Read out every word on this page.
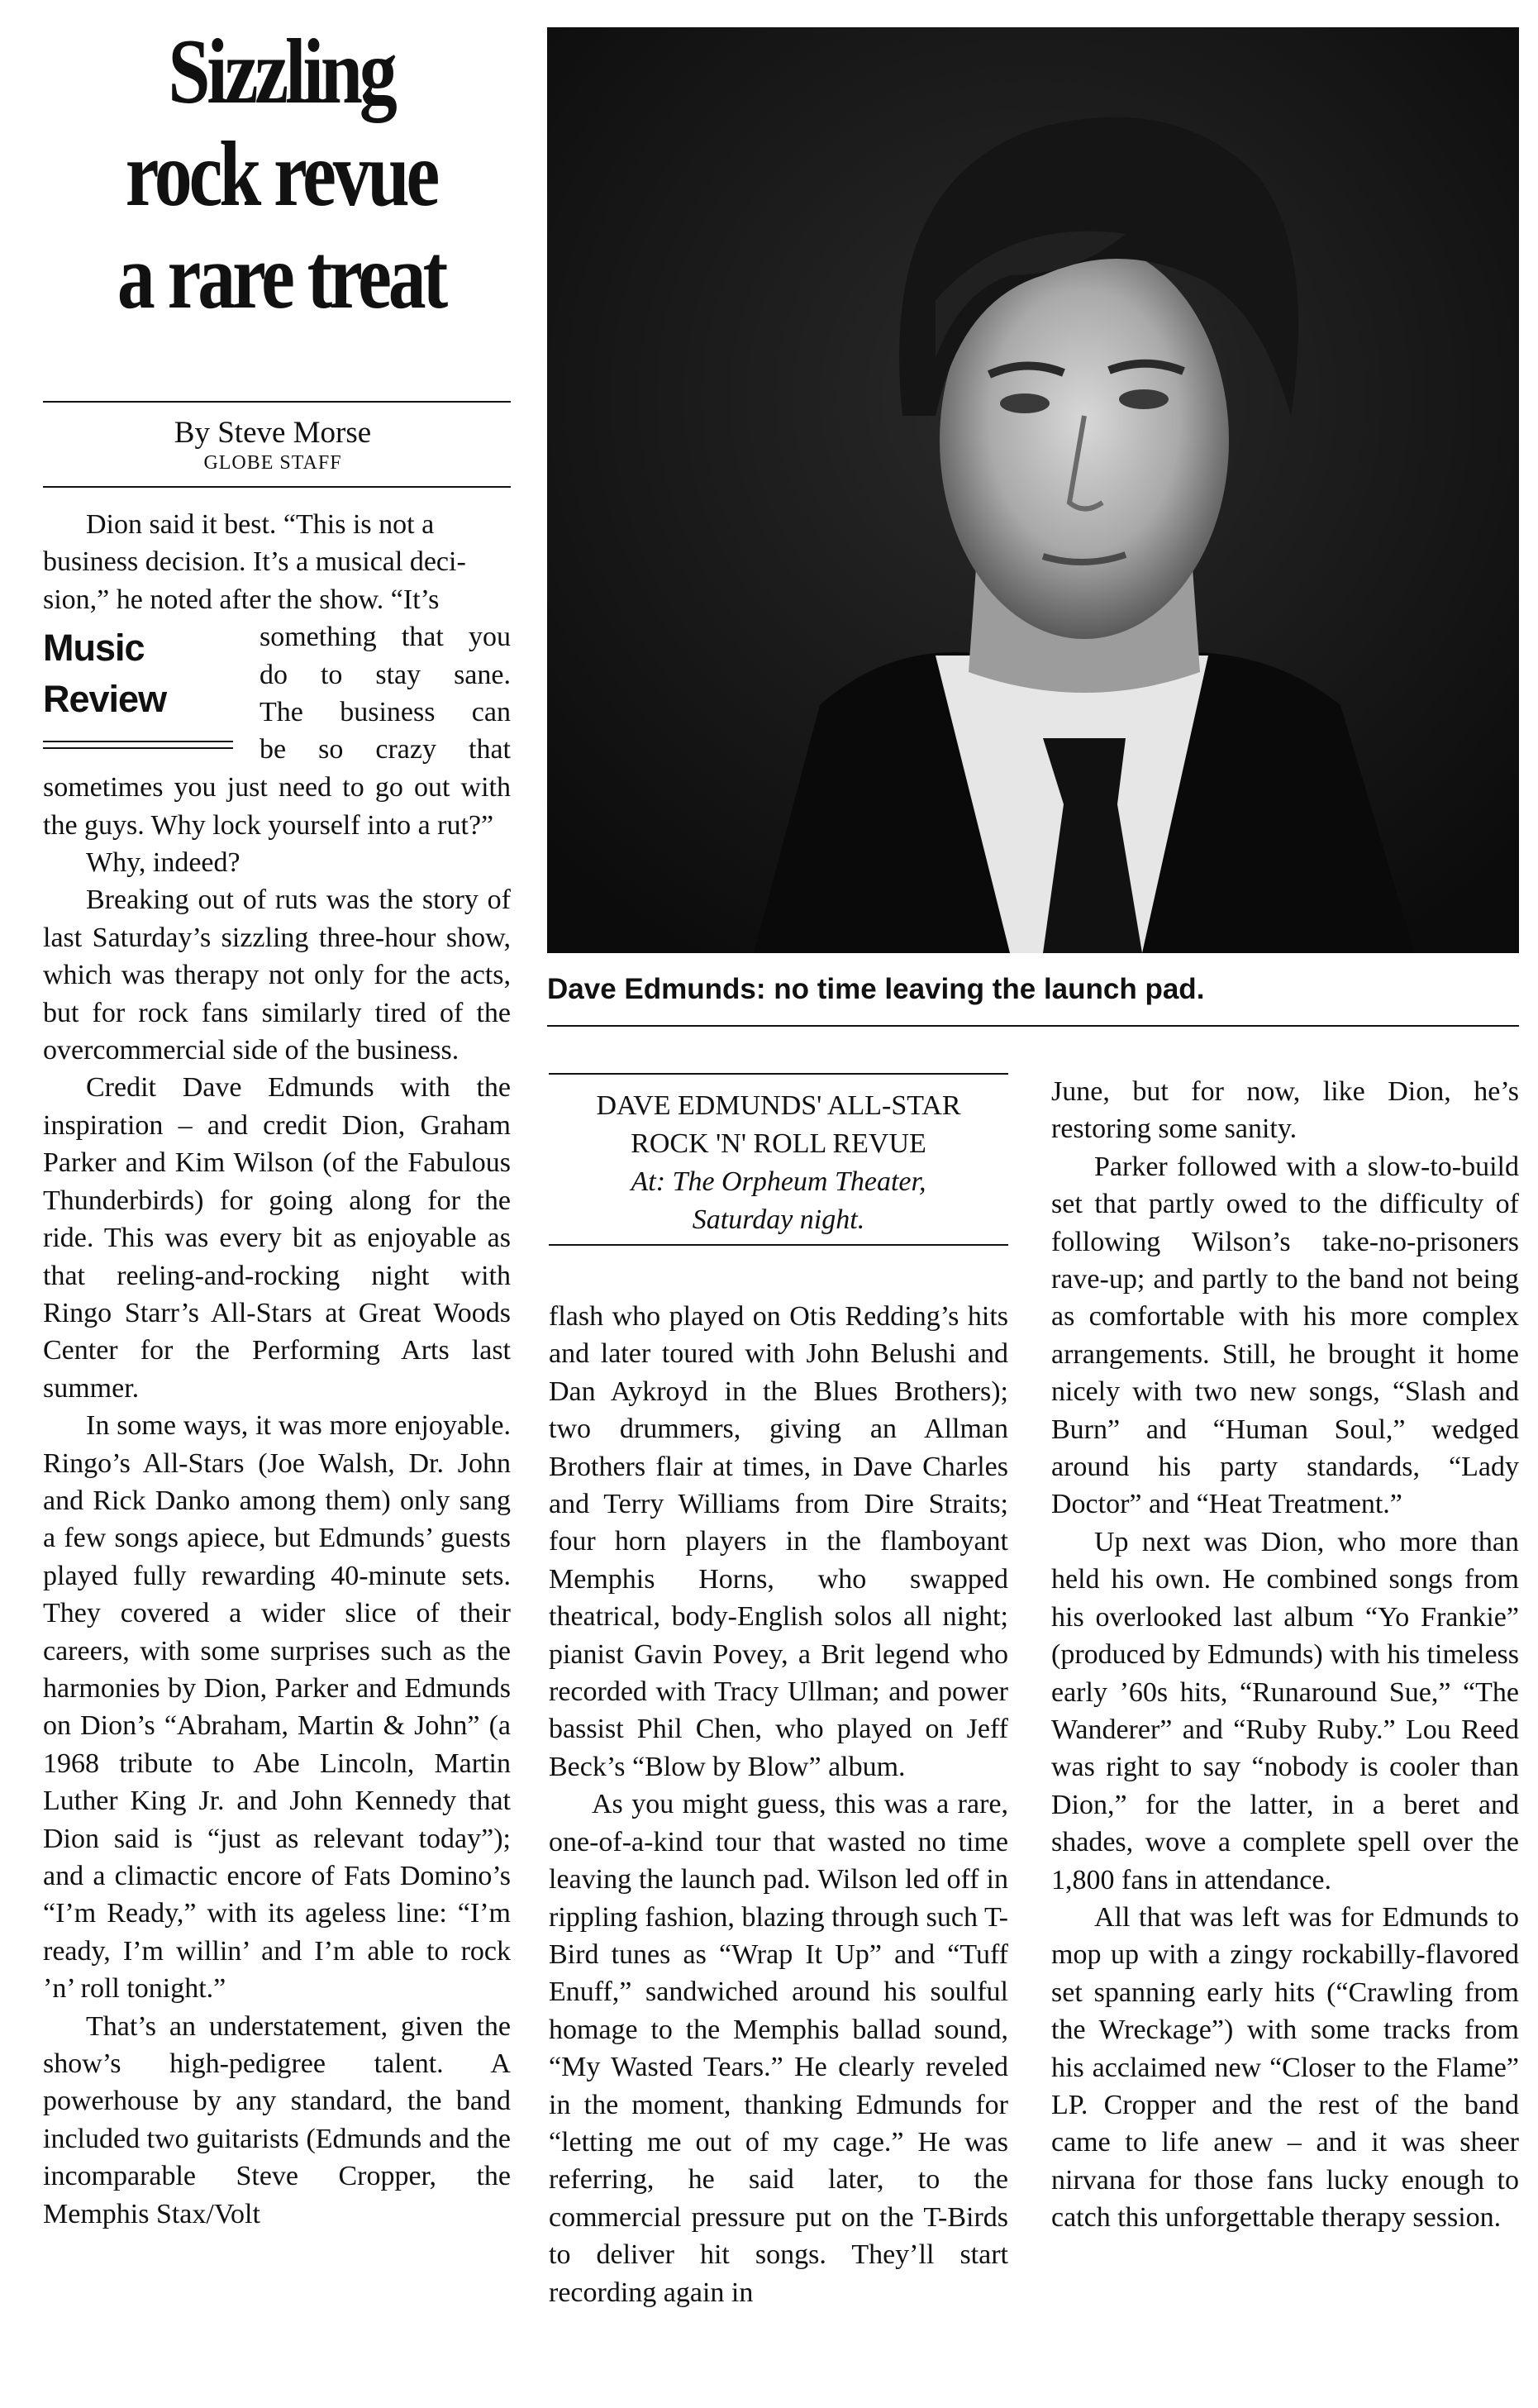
Sizzling
rock revue
a rare treat
By Steve Morse
GLOBE STAFF
Dion said it best. “This is not a
business decision. It’s a musical deci-
sion,” he noted after the show. “It’s
Music
Review
something that you
do to stay sane.
The business can
be so crazy that

sometimes you just need to go out with the guys. Why lock yourself into a rut?”

Why, indeed?

Breaking out of ruts was the story of last Saturday’s sizzling three-hour show, which was therapy not only for the acts, but for rock fans similarly tired of the overcommercial side of the business.

Credit Dave Edmunds with the inspiration – and credit Dion, Graham Parker and Kim Wilson (of the Fabulous Thunderbirds) for going along for the ride. This was every bit as enjoyable as that reeling-and-rocking night with Ringo Starr’s All-Stars at Great Woods Center for the Performing Arts last summer.

In some ways, it was more enjoyable. Ringo’s All-Stars (Joe Walsh, Dr. John and Rick Danko among them) only sang a few songs apiece, but Edmunds’ guests played fully rewarding 40-minute sets. They covered a wider slice of their careers, with some surprises such as the harmonies by Dion, Parker and Edmunds on Dion’s “Abraham, Martin & John” (a 1968 tribute to Abe Lincoln, Martin Luther King Jr. and John Kennedy that Dion said is “just as relevant today”); and a climactic encore of Fats Domino’s “I’m Ready,” with its ageless line: “I’m ready, I’m willin’ and I’m able to rock ’n’ roll tonight.”

That’s an understatement, given the show’s high-pedigree talent. A powerhouse by any standard, the band included two guitarists (Edmunds and the incomparable Steve Cropper, the Memphis Stax/Volt

Dave Edmunds: no time leaving the launch pad.
DAVE EDMUNDS' ALL-STAR
ROCK 'N' ROLL REVUE
At: The Orpheum Theater,
Saturday night.

flash who played on Otis Redding’s hits and later toured with John Belushi and Dan Aykroyd in the Blues Brothers); two drummers, giving an Allman Brothers flair at times, in Dave Charles and Terry Williams from Dire Straits; four horn players in the flamboyant Memphis Horns, who swapped theatrical, body-English solos all night; pianist Gavin Povey, a Brit legend who recorded with Tracy Ullman; and power bassist Phil Chen, who played on Jeff Beck’s “Blow by Blow” album.

As you might guess, this was a rare, one-of-a-kind tour that wasted no time leaving the launch pad. Wilson led off in rippling fashion, blazing through such T-Bird tunes as “Wrap It Up” and “Tuff Enuff,” sandwiched around his soulful homage to the Memphis ballad sound, “My Wasted Tears.” He clearly reveled in the moment, thanking Edmunds for “letting me out of my cage.” He was referring, he said later, to the commercial pressure put on the T-Birds to deliver hit songs. They’ll start recording again in

June, but for now, like Dion, he’s restoring some sanity.

Parker followed with a slow-to-build set that partly owed to the difficulty of following Wilson’s take-no-prisoners rave-up; and partly to the band not being as comfortable with his more complex arrangements. Still, he brought it home nicely with two new songs, “Slash and Burn” and “Human Soul,” wedged around his party standards, “Lady Doctor” and “Heat Treatment.”

Up next was Dion, who more than held his own. He combined songs from his overlooked last album “Yo Frankie” (produced by Edmunds) with his timeless early ’60s hits, “Runaround Sue,” “The Wanderer” and “Ruby Ruby.” Lou Reed was right to say “nobody is cooler than Dion,” for the latter, in a beret and shades, wove a complete spell over the 1,800 fans in attendance.

All that was left was for Edmunds to mop up with a zingy rockabilly-flavored set spanning early hits (“Crawling from the Wreckage”) with some tracks from his acclaimed new “Closer to the Flame” LP. Cropper and the rest of the band came to life anew – and it was sheer nirvana for those fans lucky enough to catch this unforgettable therapy session.
